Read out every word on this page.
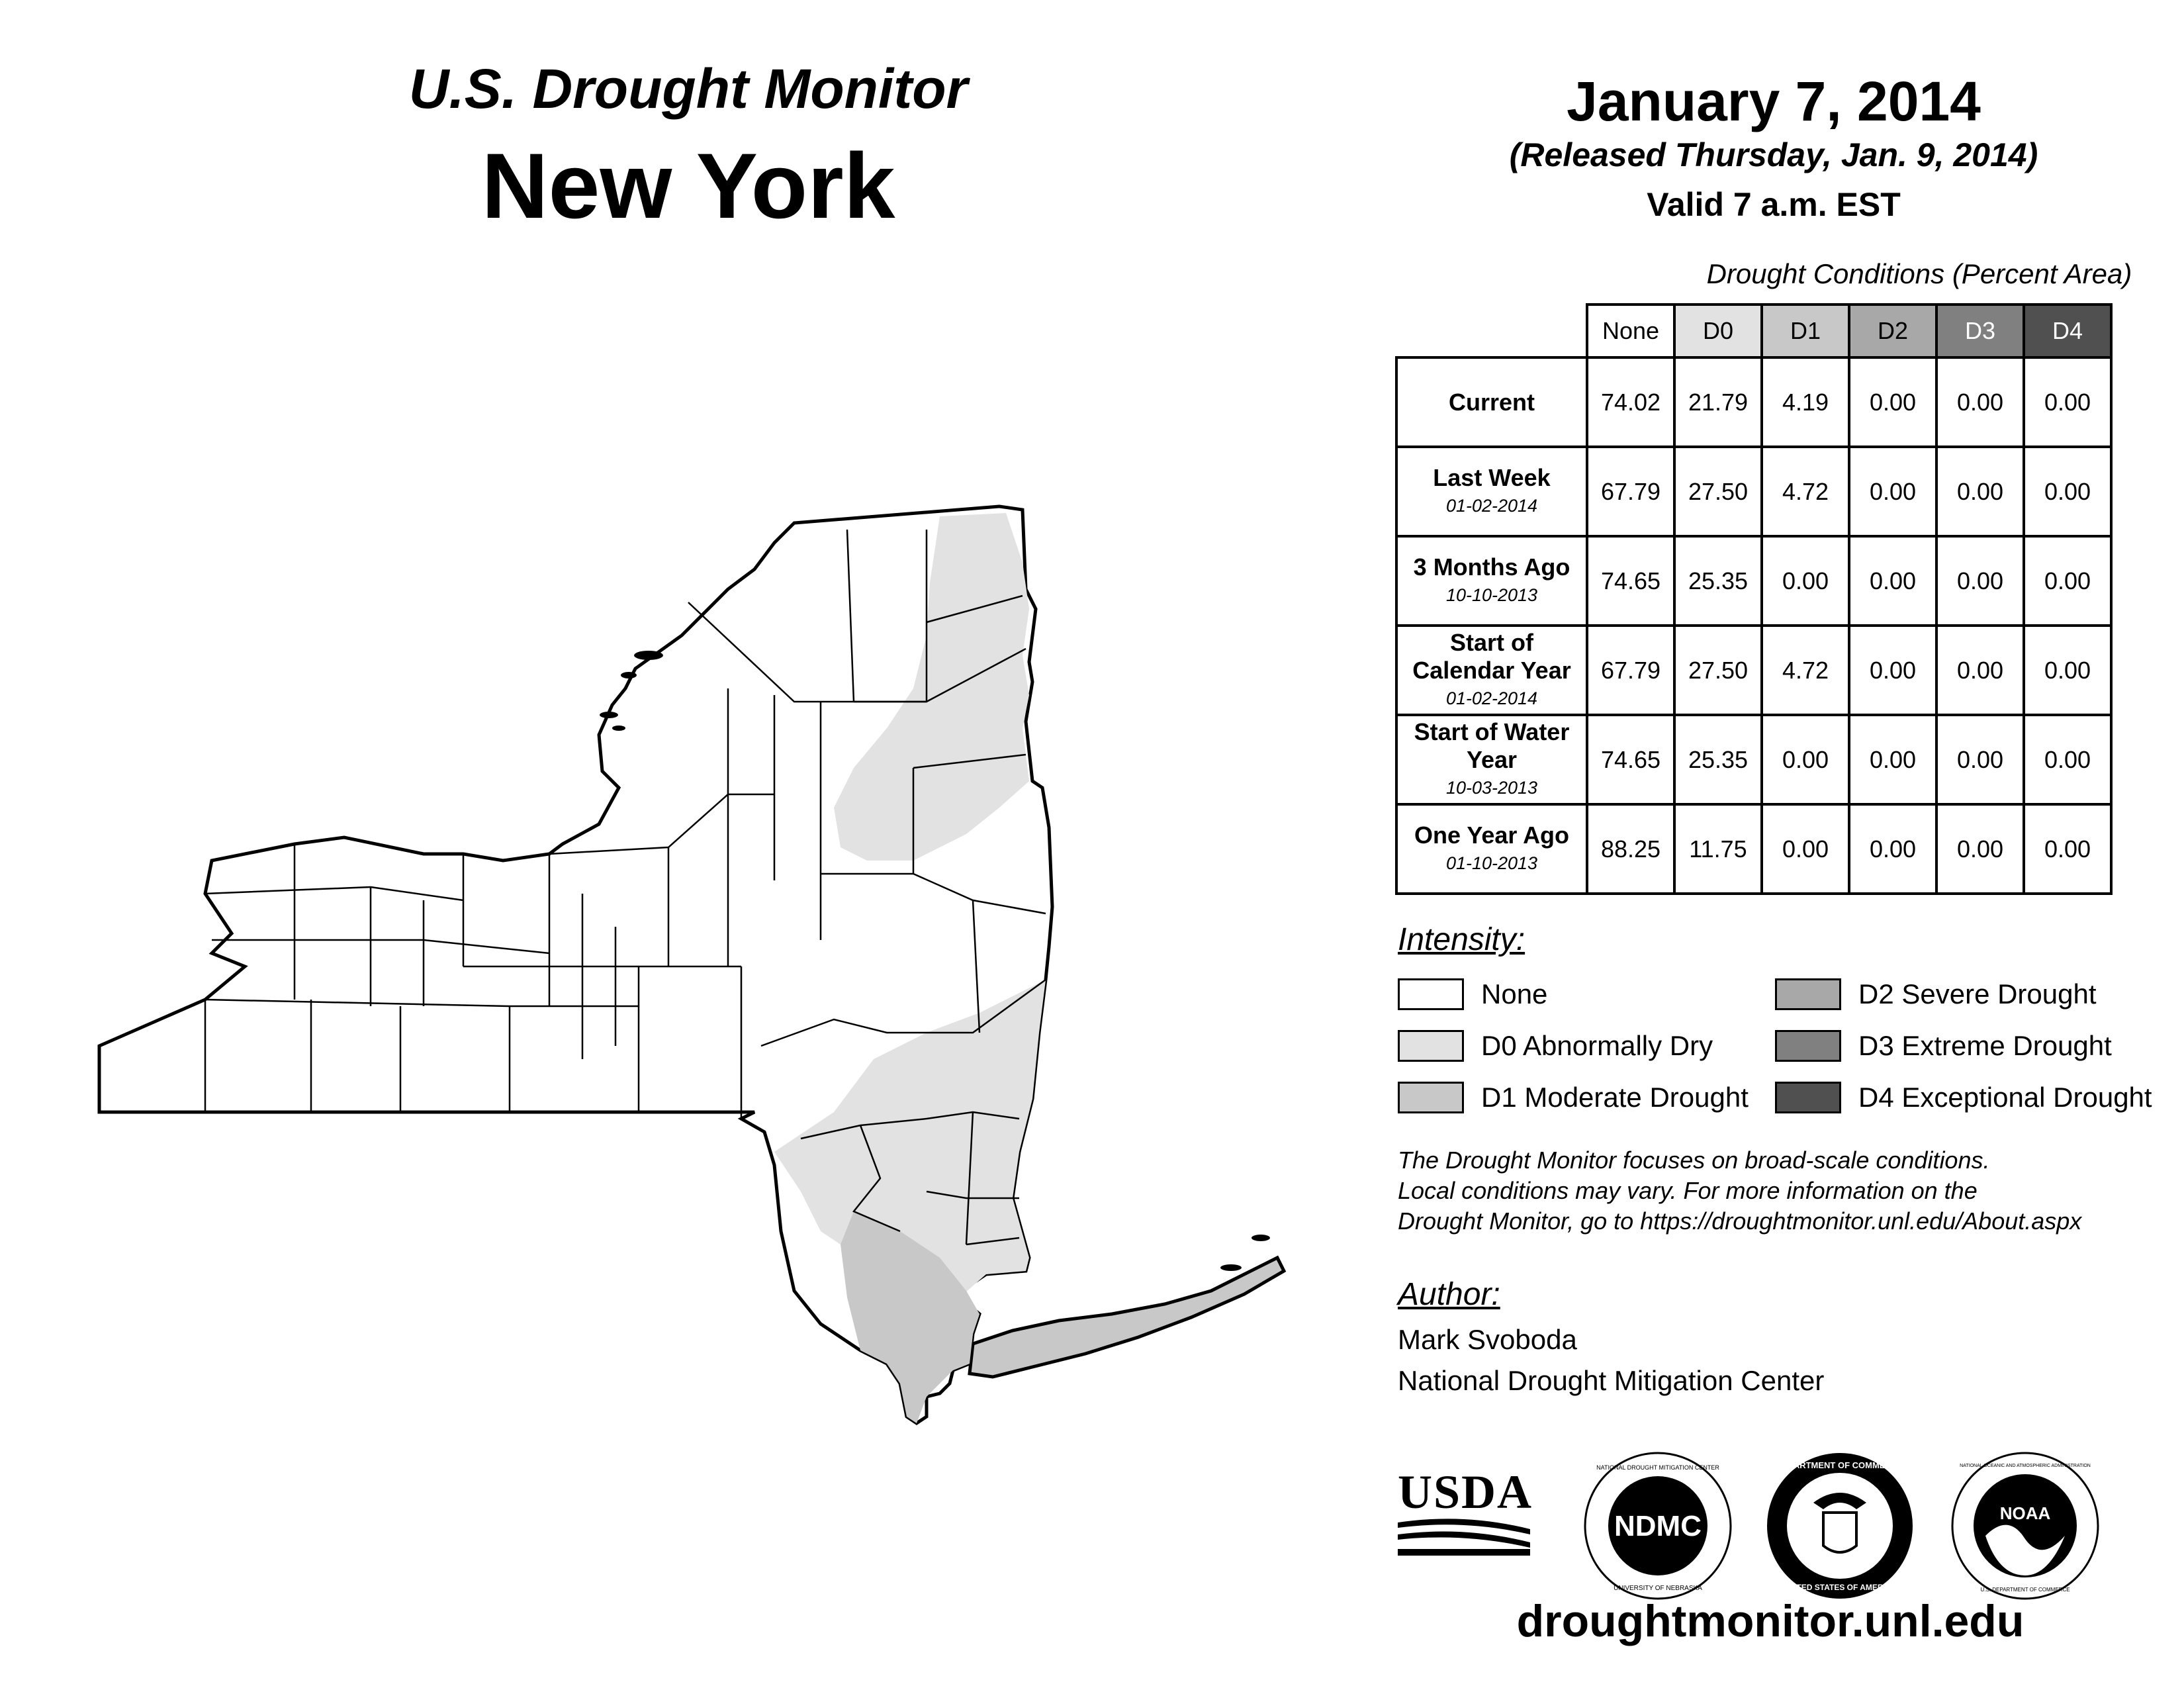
U.S. Drought Monitor
New York
January 7, 2014
(Released Thursday, Jan. 9, 2014)
Valid 7 a.m. EST
Drought Conditions (Percent Area)
	None	D0	D1	D2	D3	D4
Current	74.02	21.79	4.19	0.00	0.00	0.00
Last Week
01-02-2014	67.79	27.50	4.72	0.00	0.00	0.00
3 Months Ago
10-10-2013	74.65	25.35	0.00	0.00	0.00	0.00
Start of Calendar Year
01-02-2014	67.79	27.50	4.72	0.00	0.00	0.00
Start of Water Year
10-03-2013	74.65	25.35	0.00	0.00	0.00	0.00
One Year Ago
01-10-2013	88.25	11.75	0.00	0.00	0.00	0.00
Intensity:
None
D0 Abnormally Dry
D1 Moderate Drought
D2 Severe Drought
D3 Extreme Drought
D4 Exceptional Drought
The Drought Monitor focuses on broad-scale conditions.
Local conditions may vary. For more information on the
Drought Monitor, go to https://droughtmonitor.unl.edu/About.aspx
Author:
Mark Svoboda
National Drought Mitigation Center
USDA
NDMC
NATIONAL DROUGHT MITIGATION CENTER
UNIVERSITY OF NEBRASKA
DEPARTMENT OF COMMERCE
UNITED STATES OF AMERICA
NOAA
NATIONAL OCEANIC AND ATMOSPHERIC ADMINISTRATION
U.S. DEPARTMENT OF COMMERCE
droughtmonitor.unl.edu
